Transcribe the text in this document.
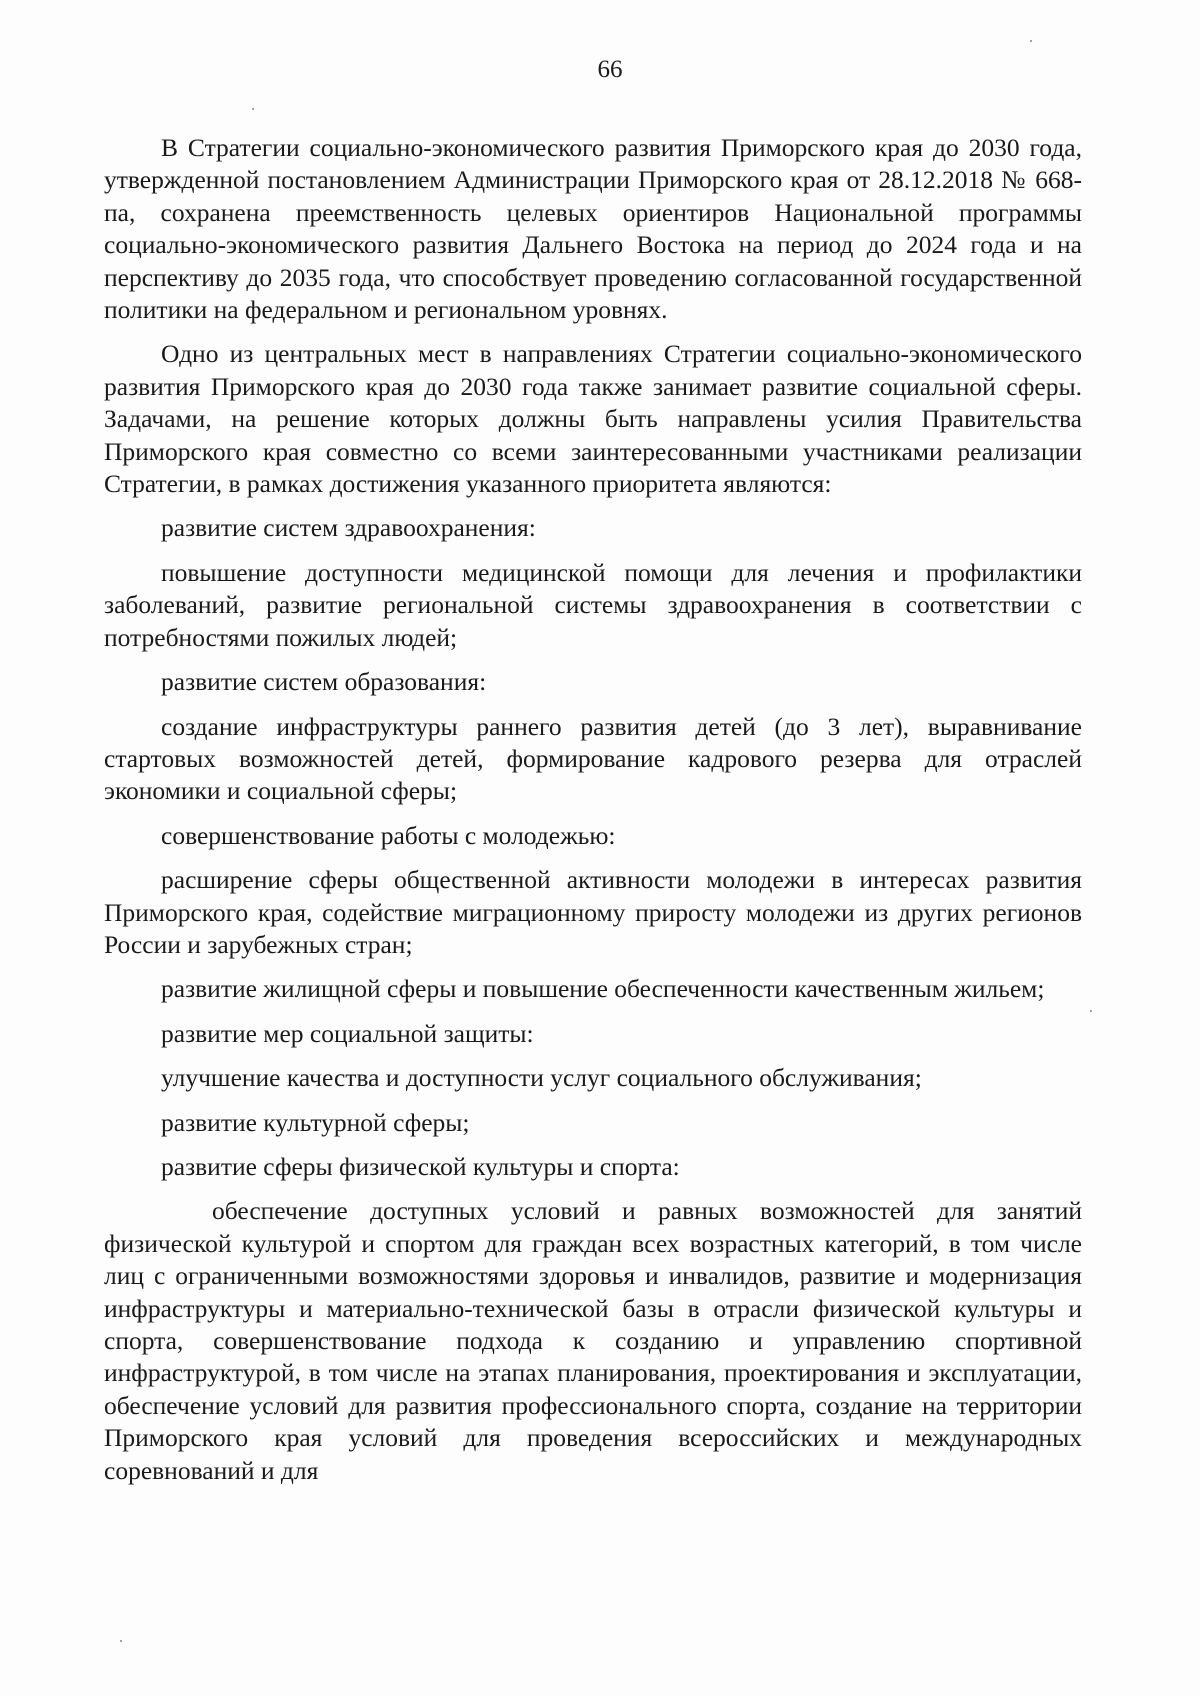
66

В Стратегии социально-экономического развития Приморского края до 2030 года, утвержденной постановлением Администрации Приморского края от 28.12.2018 № 668-па, сохранена преемственность целевых ориентиров Национальной программы социально-экономического развития Дальнего Востока на период до 2024 года и на перспективу до 2035 года, что способствует проведению согласованной государственной политики на федеральном и региональном уровнях.

Одно из центральных мест в направлениях Стратегии социально-экономического развития Приморского края до 2030 года также занимает развитие социальной сферы. Задачами, на решение которых должны быть направлены усилия Правительства Приморского края совместно со всеми заинтересованными участниками реализации Стратегии, в рамках достижения указанного приоритета являются:

развитие систем здравоохранения:

повышение доступности медицинской помощи для лечения и профилактики заболеваний, развитие региональной системы здравоохранения в соответствии с потребностями пожилых людей;

развитие систем образования:

создание инфраструктуры раннего развития детей (до 3 лет), выравнивание стартовых возможностей детей, формирование кадрового резерва для отраслей экономики и социальной сферы;

совершенствование работы с молодежью:

расширение сферы общественной активности молодежи в интересах развития Приморского края, содействие миграционному приросту молодежи из других регионов России и зарубежных стран;

развитие жилищной сферы и повышение обеспеченности качественным жильем;

развитие мер социальной защиты:

улучшение качества и доступности услуг социального обслуживания;

развитие культурной сферы;

развитие сферы физической культуры и спорта:

обеспечение доступных условий и равных возможностей для занятий физической культурой и спортом для граждан всех возрастных категорий, в том числе лиц с ограниченными возможностями здоровья и инвалидов, развитие и модернизация инфраструктуры и материально-технической базы в отрасли физической культуры и спорта, совершенствование подхода к созданию и управлению спортивной инфраструктурой, в том числе на этапах планирования, проектирования и эксплуатации, обеспечение условий для развития профессионального спорта, создание на территории Приморского края условий для проведения всероссийских и международных соревнований и для
